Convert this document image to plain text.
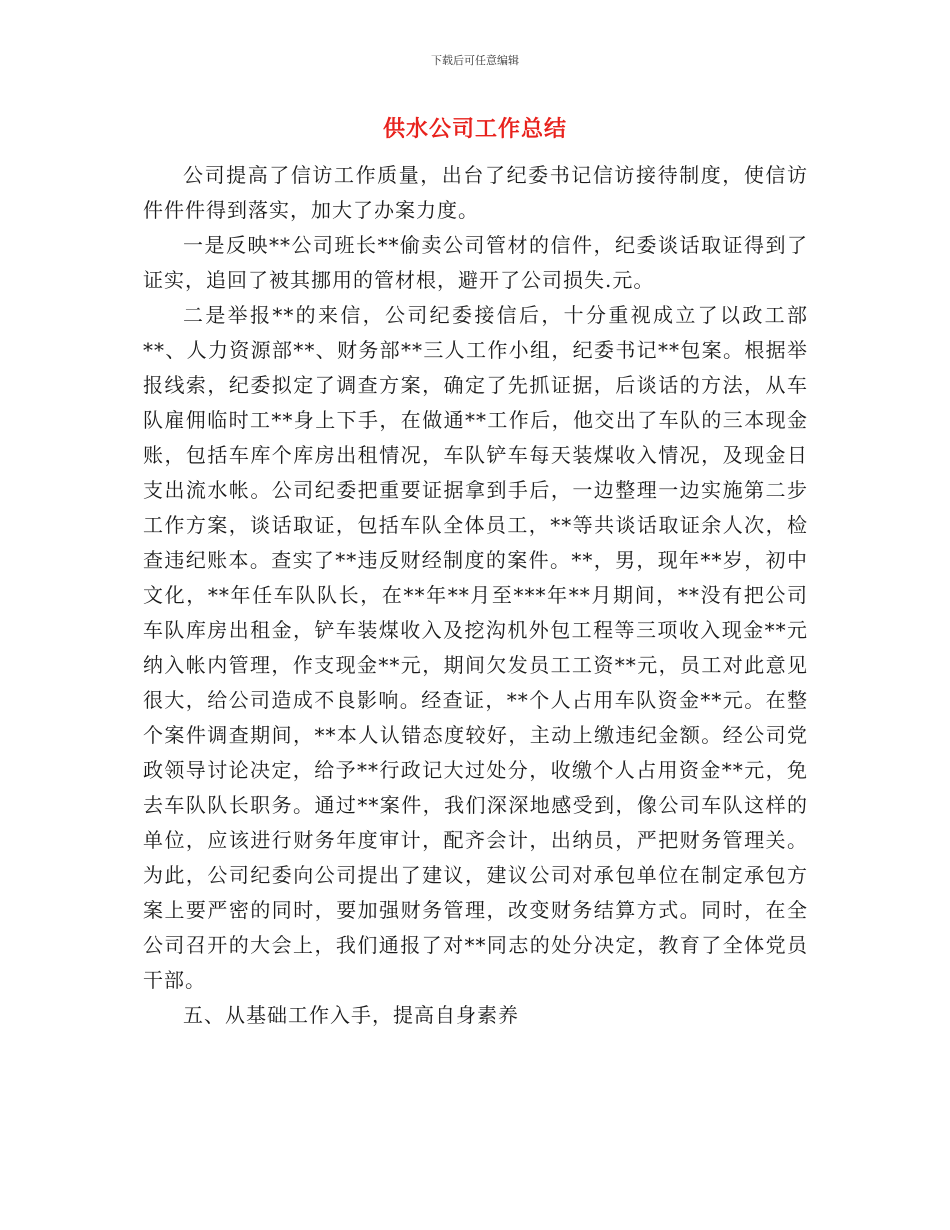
下载后可任意编辑
供水公司工作总结

公司提高了信访工作质量，出台了纪委书记信访接待制度，使信访件件件得到落实，加大了办案力度。

一是反映**公司班长**偷卖公司管材的信件，纪委谈话取证得到了证实，追回了被其挪用的管材根，避开了公司损失.元。

二是举报**的来信，公司纪委接信后，十分重视成立了以政工部**、人力资源部**、财务部**三人工作小组，纪委书记**包案。根据举报线索，纪委拟定了调查方案，确定了先抓证据，后谈话的方法，从车队雇佣临时工**身上下手，在做通**工作后，他交出了车队的三本现金账，包括车库个库房出租情况，车队铲车每天装煤收入情况，及现金日支出流水帐。公司纪委把重要证据拿到手后，一边整理一边实施第二步工作方案，谈话取证，包括车队全体员工，**等共谈话取证余人次，检查违纪账本。查实了**违反财经制度的案件。**，男，现年**岁，初中文化，**年任车队队长，在**年**月至***年**月期间，**没有把公司车队库房出租金，铲车装煤收入及挖沟机外包工程等三项收入现金**元纳入帐内管理，作支现金**元，期间欠发员工工资**元，员工对此意见很大，给公司造成不良影响。经查证，**个人占用车队资金**元。在整个案件调查期间，**本人认错态度较好，主动上缴违纪金额。经公司党政领导讨论决定，给予**行政记大过处分，收缴个人占用资金**元，免去车队队长职务。通过**案件，我们深深地感受到，像公司车队这样的单位，应该进行财务年度审计，配齐会计，出纳员，严把财务管理关。为此，公司纪委向公司提出了建议，建议公司对承包单位在制定承包方案上要严密的同时，要加强财务管理，改变财务结算方式。同时，在全公司召开的大会上，我们通报了对**同志的处分决定，教育了全体党员干部。

五、从基础工作入手，提高自身素养
